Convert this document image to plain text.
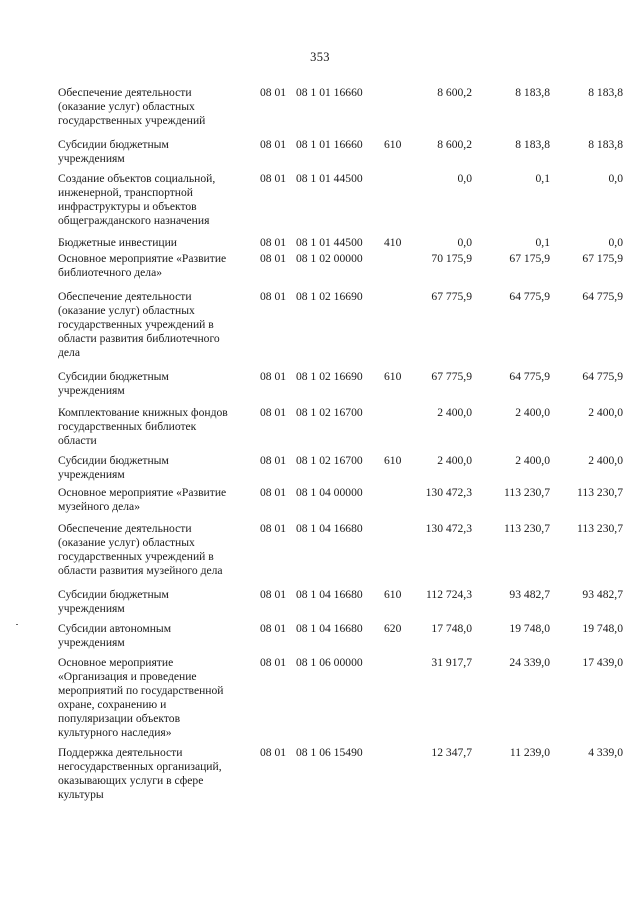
353
Обеспечение деятельности
(оказание услуг) областных
государственных учреждений
08 01 08 1 01 16660	8 600,2	8 183,8	8 183,8
Субсидии бюджетным
учреждениям
08 01 08 1 01 16660	610	8 600,2	8 183,8	8 183,8
Создание объектов социальной,
инженерной, транспортной
инфраструктуры и объектов
общегражданского назначения
08 01 08 1 01 44500	0,0	0,1	0,0
Бюджетные инвестиции	08 01 08 1 01 44500	410	0,0	0,1	0,0
Основное мероприятие «Развитие
библиотечного дела»
08 01 08 1 02 00000	70 175,9	67 175,9	67 175,9
Обеспечение деятельности
(оказание услуг) областных
государственных учреждений в
области развития библиотечного
дела
08 01 08 1 02 16690	67 775,9	64 775,9	64 775,9
Субсидии бюджетным
учреждениям
08 01 08 1 02 16690	610	67 775,9	64 775,9	64 775,9
Комплектование книжных фондов
государственных библиотек
области
08 01 08 1 02 16700	2 400,0	2 400,0	2 400,0
Субсидии бюджетным
учреждениям
08 01 08 1 02 16700	610	2 400,0	2 400,0	2 400,0
Основное мероприятие «Развитие
музейного дела»
08 01 08 1 04 00000	130 472,3	113 230,7	113 230,7
Обеспечение деятельности
(оказание услуг) областных
государственных учреждений в
области развития музейного дела
08 01 08 1 04 16680	130 472,3	113 230,7	113 230,7
Субсидии бюджетным
учреждениям
08 01 08 1 04 16680	610	112 724,3	93 482,7	93 482,7
Субсидии автономным
учреждениям
08 01 08 1 04 16680	620	17 748,0	19 748,0	19 748,0
Основное мероприятие
«Организация и проведение
мероприятий по государственной
охране, сохранению и
популяризации объектов
культурного наследия»
08 01 08 1 06 00000	31 917,7	24 339,0	17 439,0
Поддержка деятельности
негосударственных организаций,
оказывающих услуги в сфере
культуры
08 01 08 1 06 15490	12 347,7	11 239,0	4 339,0
